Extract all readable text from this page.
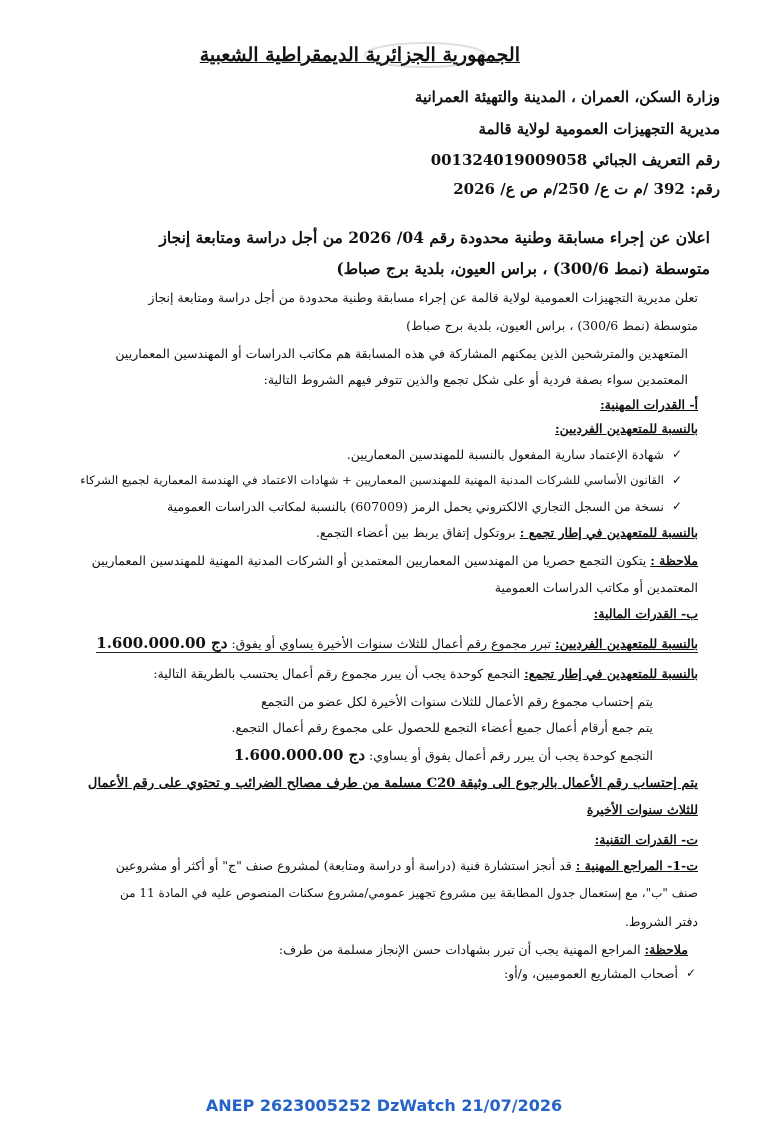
الجمهورية الجزائرية الديمقراطية الشعبية
وزارة السكن، العمران ، المدينة والتهيئة العمرانية
مديرية التجهيزات العمومية لولاية قالمة
رقم التعريف الجبائي 001324019009058
رقم: 392 /م ت ع/ 250/م ص ع/ 2026
اعلان عن إجراء مسابقة وطنية محدودة رقم 04/ 2026 من أجل دراسة ومتابعة إنجاز
متوسطة (نمط 300/6) ، براس العيون، بلدية برج صباط)
تعلن مديرية التجهيزات العمومية لولاية قالمة عن إجراء مسابقة وطنية محدودة من أجل دراسة ومتابعة إنجاز
متوسطة (نمط 300/6) ، براس العيون، بلدية برج صباط)
المتعهدين والمترشحين الذين يمكنهم المشاركة في هذه المسابقة هم مكاتب الدراسات أو المهندسين المعماريين
المعتمدين سواء بصفة فردية أو على شكل تجمع والذين تتوفر فيهم الشروط التالية:
أ- القدرات المهنية:
بالنسبة للمتعهدين الفرديين:
✓
شهادة الإعتماد سارية المفعول بالنسبة للمهندسين المعماريين.
✓
القانون الأساسي للشركات المدنية المهنية للمهندسين المعماريين + شهادات الاعتماد في الهندسة المعمارية لجميع الشركاء
✓
نسخة من السجل التجاري الالكتروني يحمل الرمز (607009) بالنسبة لمكاتب الدراسات العمومية
بالنسبة للمتعهدين في إطار تجمع : بروتكول إتفاق يربط بين أعضاء التجمع.
ملاحظة : يتكون التجمع حصريا من المهندسين المعماريين المعتمدين أو الشركات المدنية المهنية للمهندسين المعماريين
المعتمدين أو مكاتب الدراسات العمومية
ب- القدرات المالية:
بالنسبة للمتعهدين الفرديين: تبرر مجموع رقم أعمال للثلاث سنوات الأخيرة يساوي أو يفوق: 1.600.000.00 دج
بالنسبة للمتعهدين في إطار تجمع: التجمع كوحدة يجب أن يبرر مجموع رقم أعمال يحتسب بالطريقة التالية:
يتم إحتساب مجموع رقم الأعمال للثلاث سنوات الأخيرة لكل عضو من التجمع
يتم جمع أرقام أعمال جميع أعضاء التجمع للحصول على مجموع رقم أعمال التجمع.
التجمع كوحدة يجب أن يبرر رقم أعمال يفوق أو يساوي: 1.600.000.00 دج
يتم إحتساب رقم الأعمال بالرجوع الى وثيقة C20 مسلمة من طرف مصالح الضرائب و تحتوي على رقم الأعمال
للثلاث سنوات الأخيرة
ت- القدرات التقنية:
ت-1- المراجع المهنية : قد أنجز استشارة فنية (دراسة أو دراسة ومتابعة) لمشروع صنف "ج" أو أكثر أو مشروعين
صنف "ب"، مع إستعمال جدول المطابقة بين مشروع تجهيز عمومي/مشروع سكنات المنصوص عليه في المادة 11 من
دفتر الشروط.
ملاحظة: المراجع المهنية يجب أن تبرر بشهادات حسن الإنجاز مسلمة من طرف:
✓
أصحاب المشاريع العموميين، و/أو:
ANEP 2623005252 DzWatch 21/07/2026
